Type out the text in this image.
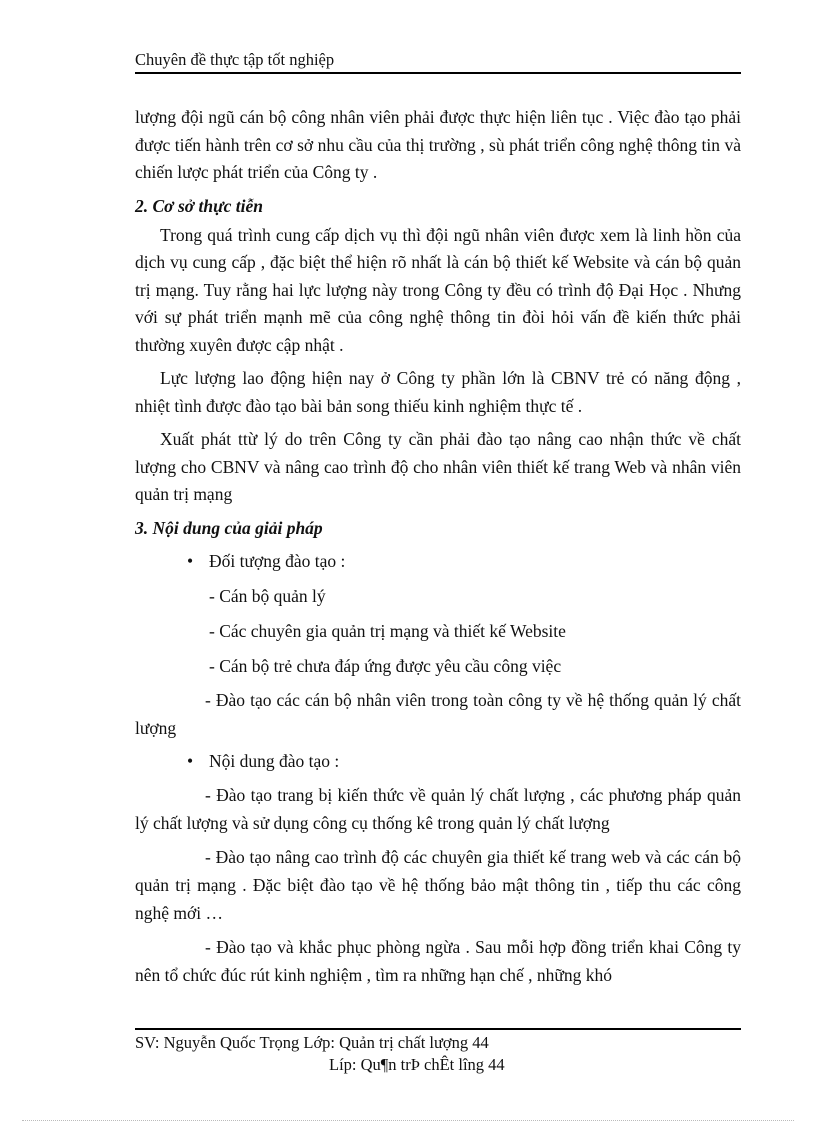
Chuyên đề thực tập tốt nghiệp

lượng đội ngũ cán bộ công nhân viên phải được thực hiện liên tục . Việc đào tạo phải được tiến hành trên cơ sở nhu cầu của thị trường , sù phát triển công nghệ thông tin và chiến lược phát triển của Công ty .

2. Cơ sở thực tiễn

Trong quá trình cung cấp dịch vụ thì đội ngũ nhân viên được xem là linh hồn của dịch vụ cung cấp , đặc biệt thể hiện rõ nhất là cán bộ thiết kế Website và cán bộ quản trị mạng. Tuy rằng hai lực lượng này trong Công ty đều có trình độ Đại Học . Nhưng với sự phát triển mạnh mẽ của công nghệ thông tin đòi hỏi vấn đề kiến thức phải thường xuyên được cập nhật .

Lực lượng lao động hiện nay ở Công ty phần lớn là CBNV trẻ có năng động , nhiệt tình được đào tạo bài bản song thiếu kinh nghiệm thực tế .

Xuất phát ttừ lý do trên Công ty cần phải đào tạo nâng cao nhận thức về chất lượng cho CBNV và nâng cao trình độ cho nhân viên thiết kế trang Web và nhân viên quản trị mạng

3. Nội dung của giải pháp
• Đối tượng đào tạo :
- Cán bộ quản lý
- Các chuyên gia quản trị mạng và thiết kế Website
- Cán bộ trẻ chưa đáp ứng được yêu cầu công việc
- Đào tạo các cán bộ nhân viên trong toàn công ty về hệ thống quản lý chất lượng
• Nội dung đào tạo :
- Đào tạo trang bị kiến thức về quản lý chất lượng , các phương pháp quản lý chất lượng và sử dụng công cụ thống kê trong quản lý chất lượng
- Đào tạo nâng cao trình độ các chuyên gia thiết kế trang web và các cán bộ quản trị mạng . Đặc biệt đào tạo về hệ thống bảo mật thông tin , tiếp thu các công nghệ mới …
- Đào tạo và khắc phục phòng ngừa . Sau mỗi hợp đồng triển khai Công ty nên tổ chức đúc rút kinh nghiệm , tìm ra những hạn chế , những khó
SV: Nguyễn Quốc Trọng Lớp: Quản trị chất lượng 44
Líp: Qu¶n trÞ chÊt lîng 44
